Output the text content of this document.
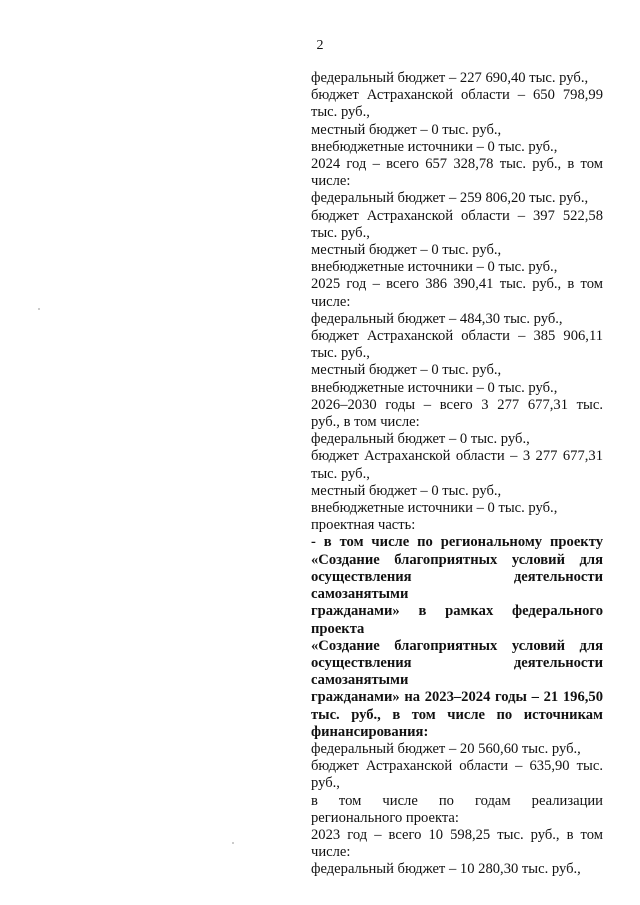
2
федеральный бюджет – 227 690,40 тыс. руб.,
бюджет Астраханской области – 650 798,99
тыс. руб.,
местный бюджет – 0 тыс. руб.,
внебюджетные источники – 0 тыс. руб.,
2024 год – всего 657 328,78 тыс. руб., в том
числе:
федеральный бюджет – 259 806,20 тыс. руб.,
бюджет Астраханской области – 397 522,58
тыс. руб.,
местный бюджет – 0 тыс. руб.,
внебюджетные источники – 0 тыс. руб.,
2025 год – всего 386 390,41 тыс. руб., в том
числе:
федеральный бюджет – 484,30 тыс. руб.,
бюджет Астраханской области – 385 906,11
тыс. руб.,
местный бюджет – 0 тыс. руб.,
внебюджетные источники – 0 тыс. руб.,
2026–2030 годы – всего 3 277 677,31 тыс.
руб., в том числе:
федеральный бюджет – 0 тыс. руб.,
бюджет Астраханской области – 3 277 677,31
тыс. руб.,
местный бюджет – 0 тыс. руб.,
внебюджетные источники – 0 тыс. руб.,
проектная часть:
- в том числе по региональному проекту
«Создание благоприятных условий для
осуществления деятельности самозанятыми
гражданами» в рамках федерального проекта
«Создание благоприятных условий для
осуществления деятельности самозанятыми
гражданами» на 2023–2024 годы – 21 196,50
тыс. руб., в том числе по источникам
финансирования:
федеральный бюджет – 20 560,60 тыс. руб.,
бюджет Астраханской области – 635,90 тыс.
руб.,
в том числе по годам реализации
регионального проекта:
2023 год – всего 10 598,25 тыс. руб., в том
числе:
федеральный бюджет – 10 280,30 тыс. руб.,
